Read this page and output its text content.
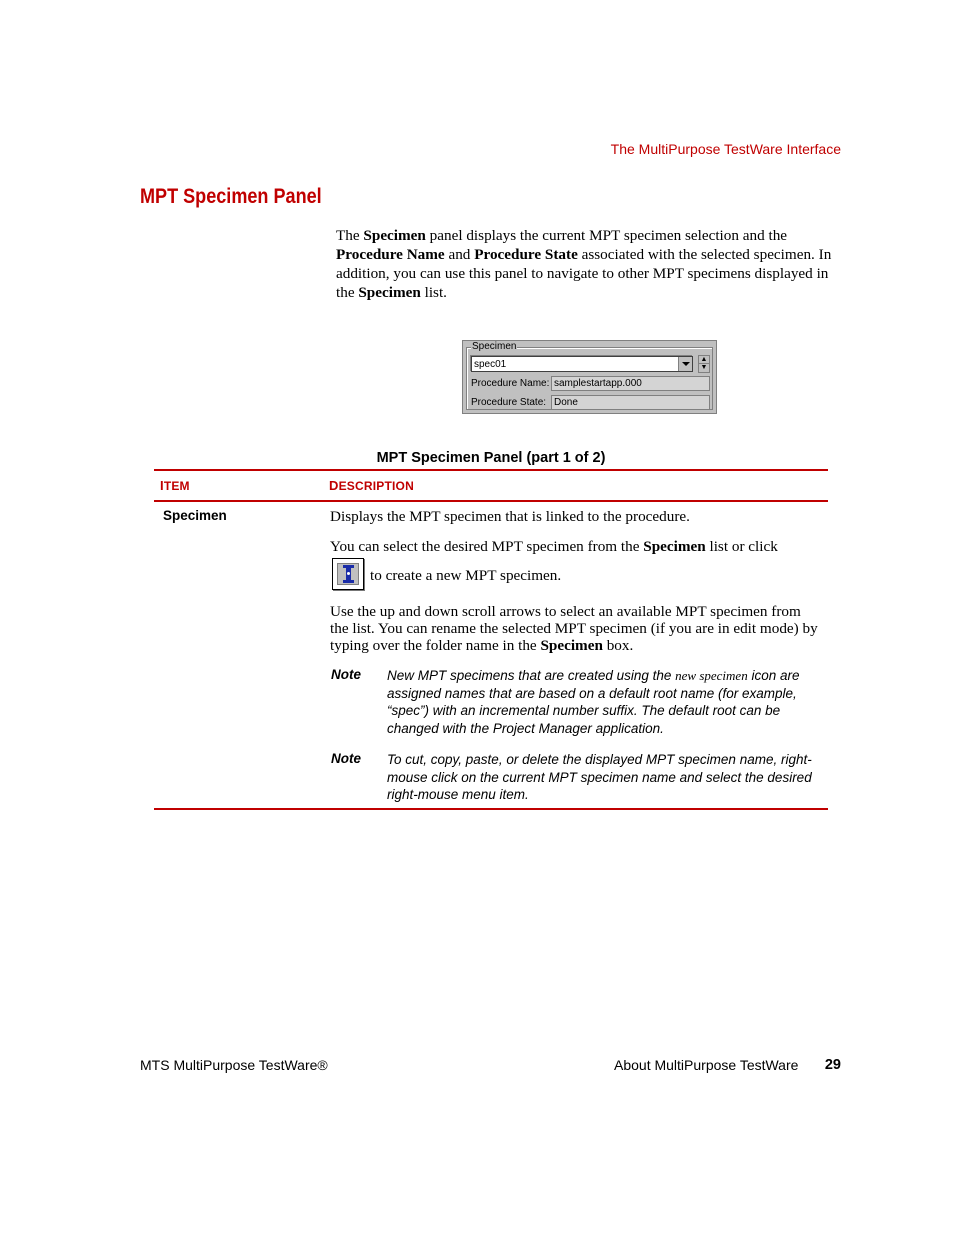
The MultiPurpose TestWare Interface
MPT Specimen Panel

The Specimen panel displays the current MPT specimen selection and the Procedure Name and Procedure State associated with the selected specimen. In addition, you can use this panel to navigate to other MPT specimens displayed in the Specimen list.

Specimen
spec01	▲
▼
Procedure Name: samplestartapp.000
Procedure State: Done
MPT Specimen Panel (part 1 of 2)
ITEM	DESCRIPTION
Specimen	Displays the MPT specimen that is linked to the procedure.

You can select the desired MPT specimen from the Specimen list or click

to create a new MPT specimen.

Use the up and down scroll arrows to select an available MPT specimen from the list. You can rename the selected MPT specimen (if you are in edit mode) by typing over the folder name in the Specimen box.

Note New MPT specimens that are created using the new specimen icon are assigned names that are based on a default root name (for example, “spec”) with an incremental number suffix. The default root can be changed with the Project Manager application.

Note To cut, copy, paste, or delete the displayed MPT specimen name, right-mouse click on the current MPT specimen name and select the desired right-mouse menu item.

MTS MultiPurpose TestWare®	About MultiPurpose TestWare 29
